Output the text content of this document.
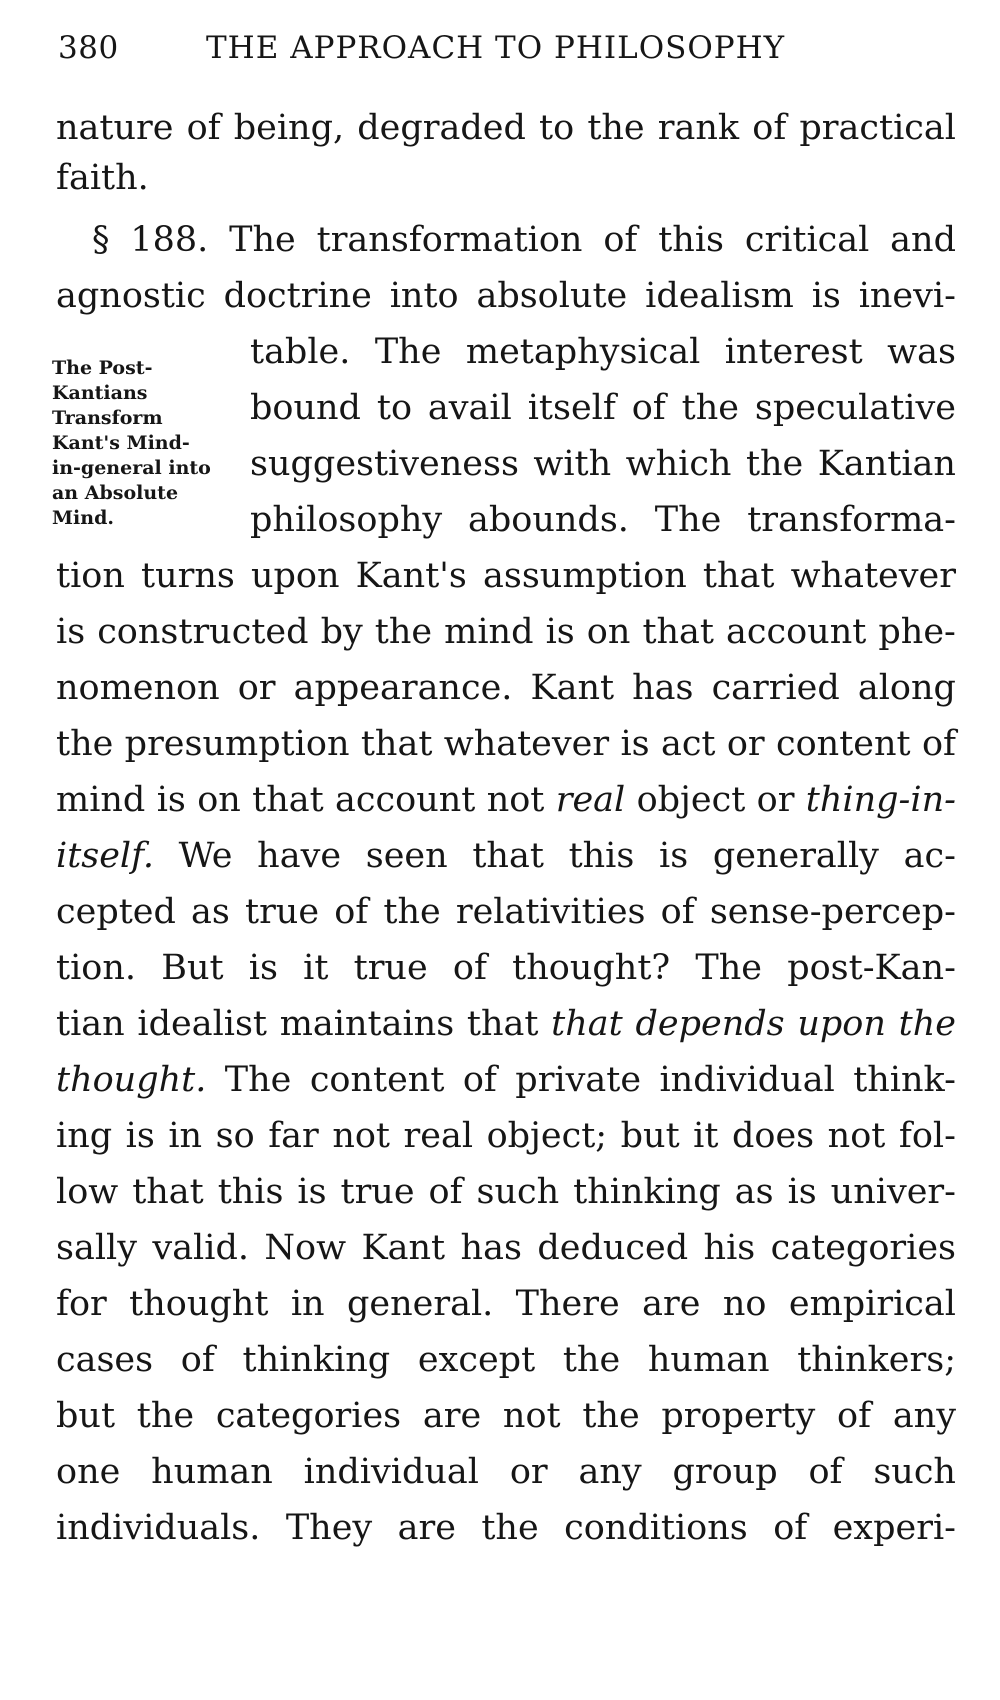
380	THE APPROACH TO PHILOSOPHY
The Post-
Kantians
Transform
Kant's Mind-
in-general into
an Absolute
Mind.
nature of being, degraded to the rank of practical
faith.
§ 188. The transformation of this critical and
agnostic doctrine into absolute idealism is inevi-
table. The metaphysical interest was
bound to avail itself of the speculative
suggestiveness with which the Kantian
philosophy abounds. The transforma-
tion turns upon Kant's assumption that whatever
is constructed by the mind is on that account phe-
nomenon or appearance. Kant has carried along
the presumption that whatever is act or content of
mind is on that account not real object or thing-in-
itself. We have seen that this is generally ac-
cepted as true of the relativities of sense-percep-
tion. But is it true of thought? The post-Kan-
tian idealist maintains that that depends upon the
thought. The content of private individual think-
ing is in so far not real object; but it does not fol-
low that this is true of such thinking as is univer-
sally valid. Now Kant has deduced his categories
for thought in general. There are no empirical
cases of thinking except the human thinkers;
but the categories are not the property of any
one human individual or any group of such
individuals. They are the conditions of experi-
